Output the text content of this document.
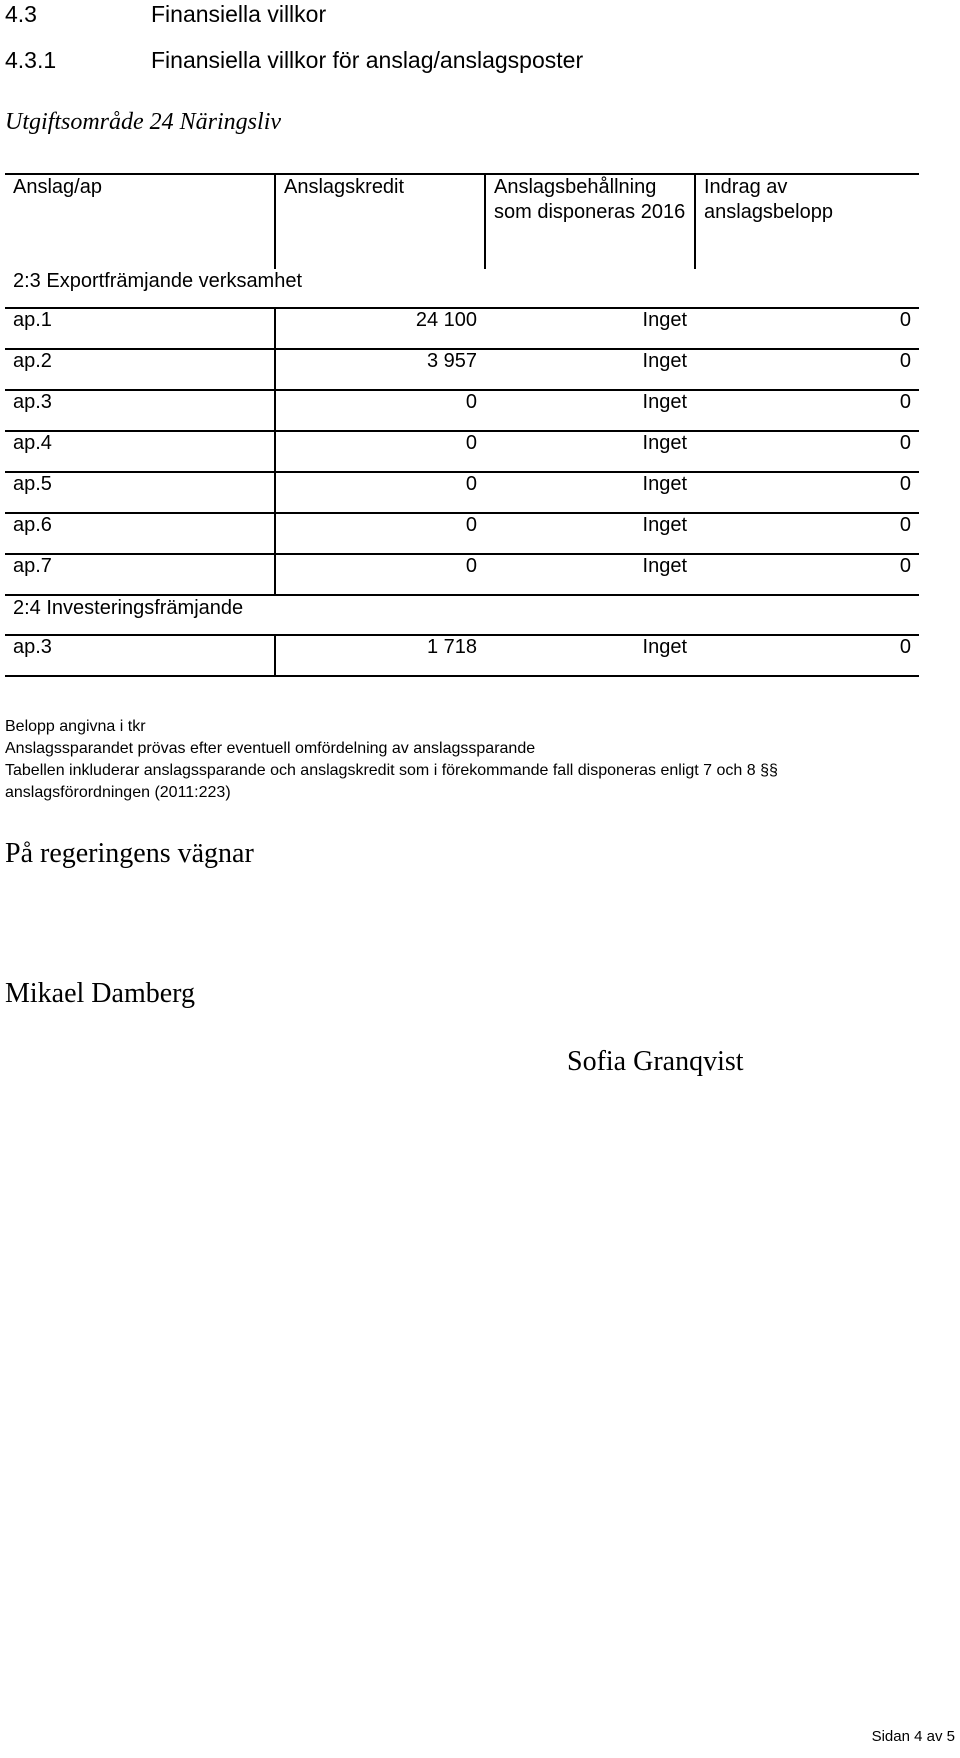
4.3	Finansiella villkor
4.3.1	Finansiella villkor för anslag/anslagsposter
Utgiftsområde 24 Näringsliv
Anslag/ap	Anslagskredit	Anslagsbehållning som disponeras 2016	Indrag av anslagsbelopp
2:3 Exportfrämjande verksamhet			
ap.1	24 100	Inget	0
ap.2	3 957	Inget	0
ap.3	0	Inget	0
ap.4	0	Inget	0
ap.5	0	Inget	0
ap.6	0	Inget	0
ap.7	0	Inget	0
2:4 Investeringsfrämjande			
ap.3	1 718	Inget	0
Belopp angivna i tkr
Anslagssparandet prövas efter eventuell omfördelning av anslagssparande
Tabellen inkluderar anslagssparande och anslagskredit som i förekommande fall disponeras enligt 7 och 8 §§
anslagsförordningen (2011:223)
På regeringens vägnar
Mikael Damberg
Sofia Granqvist
Sidan 4 av 5
